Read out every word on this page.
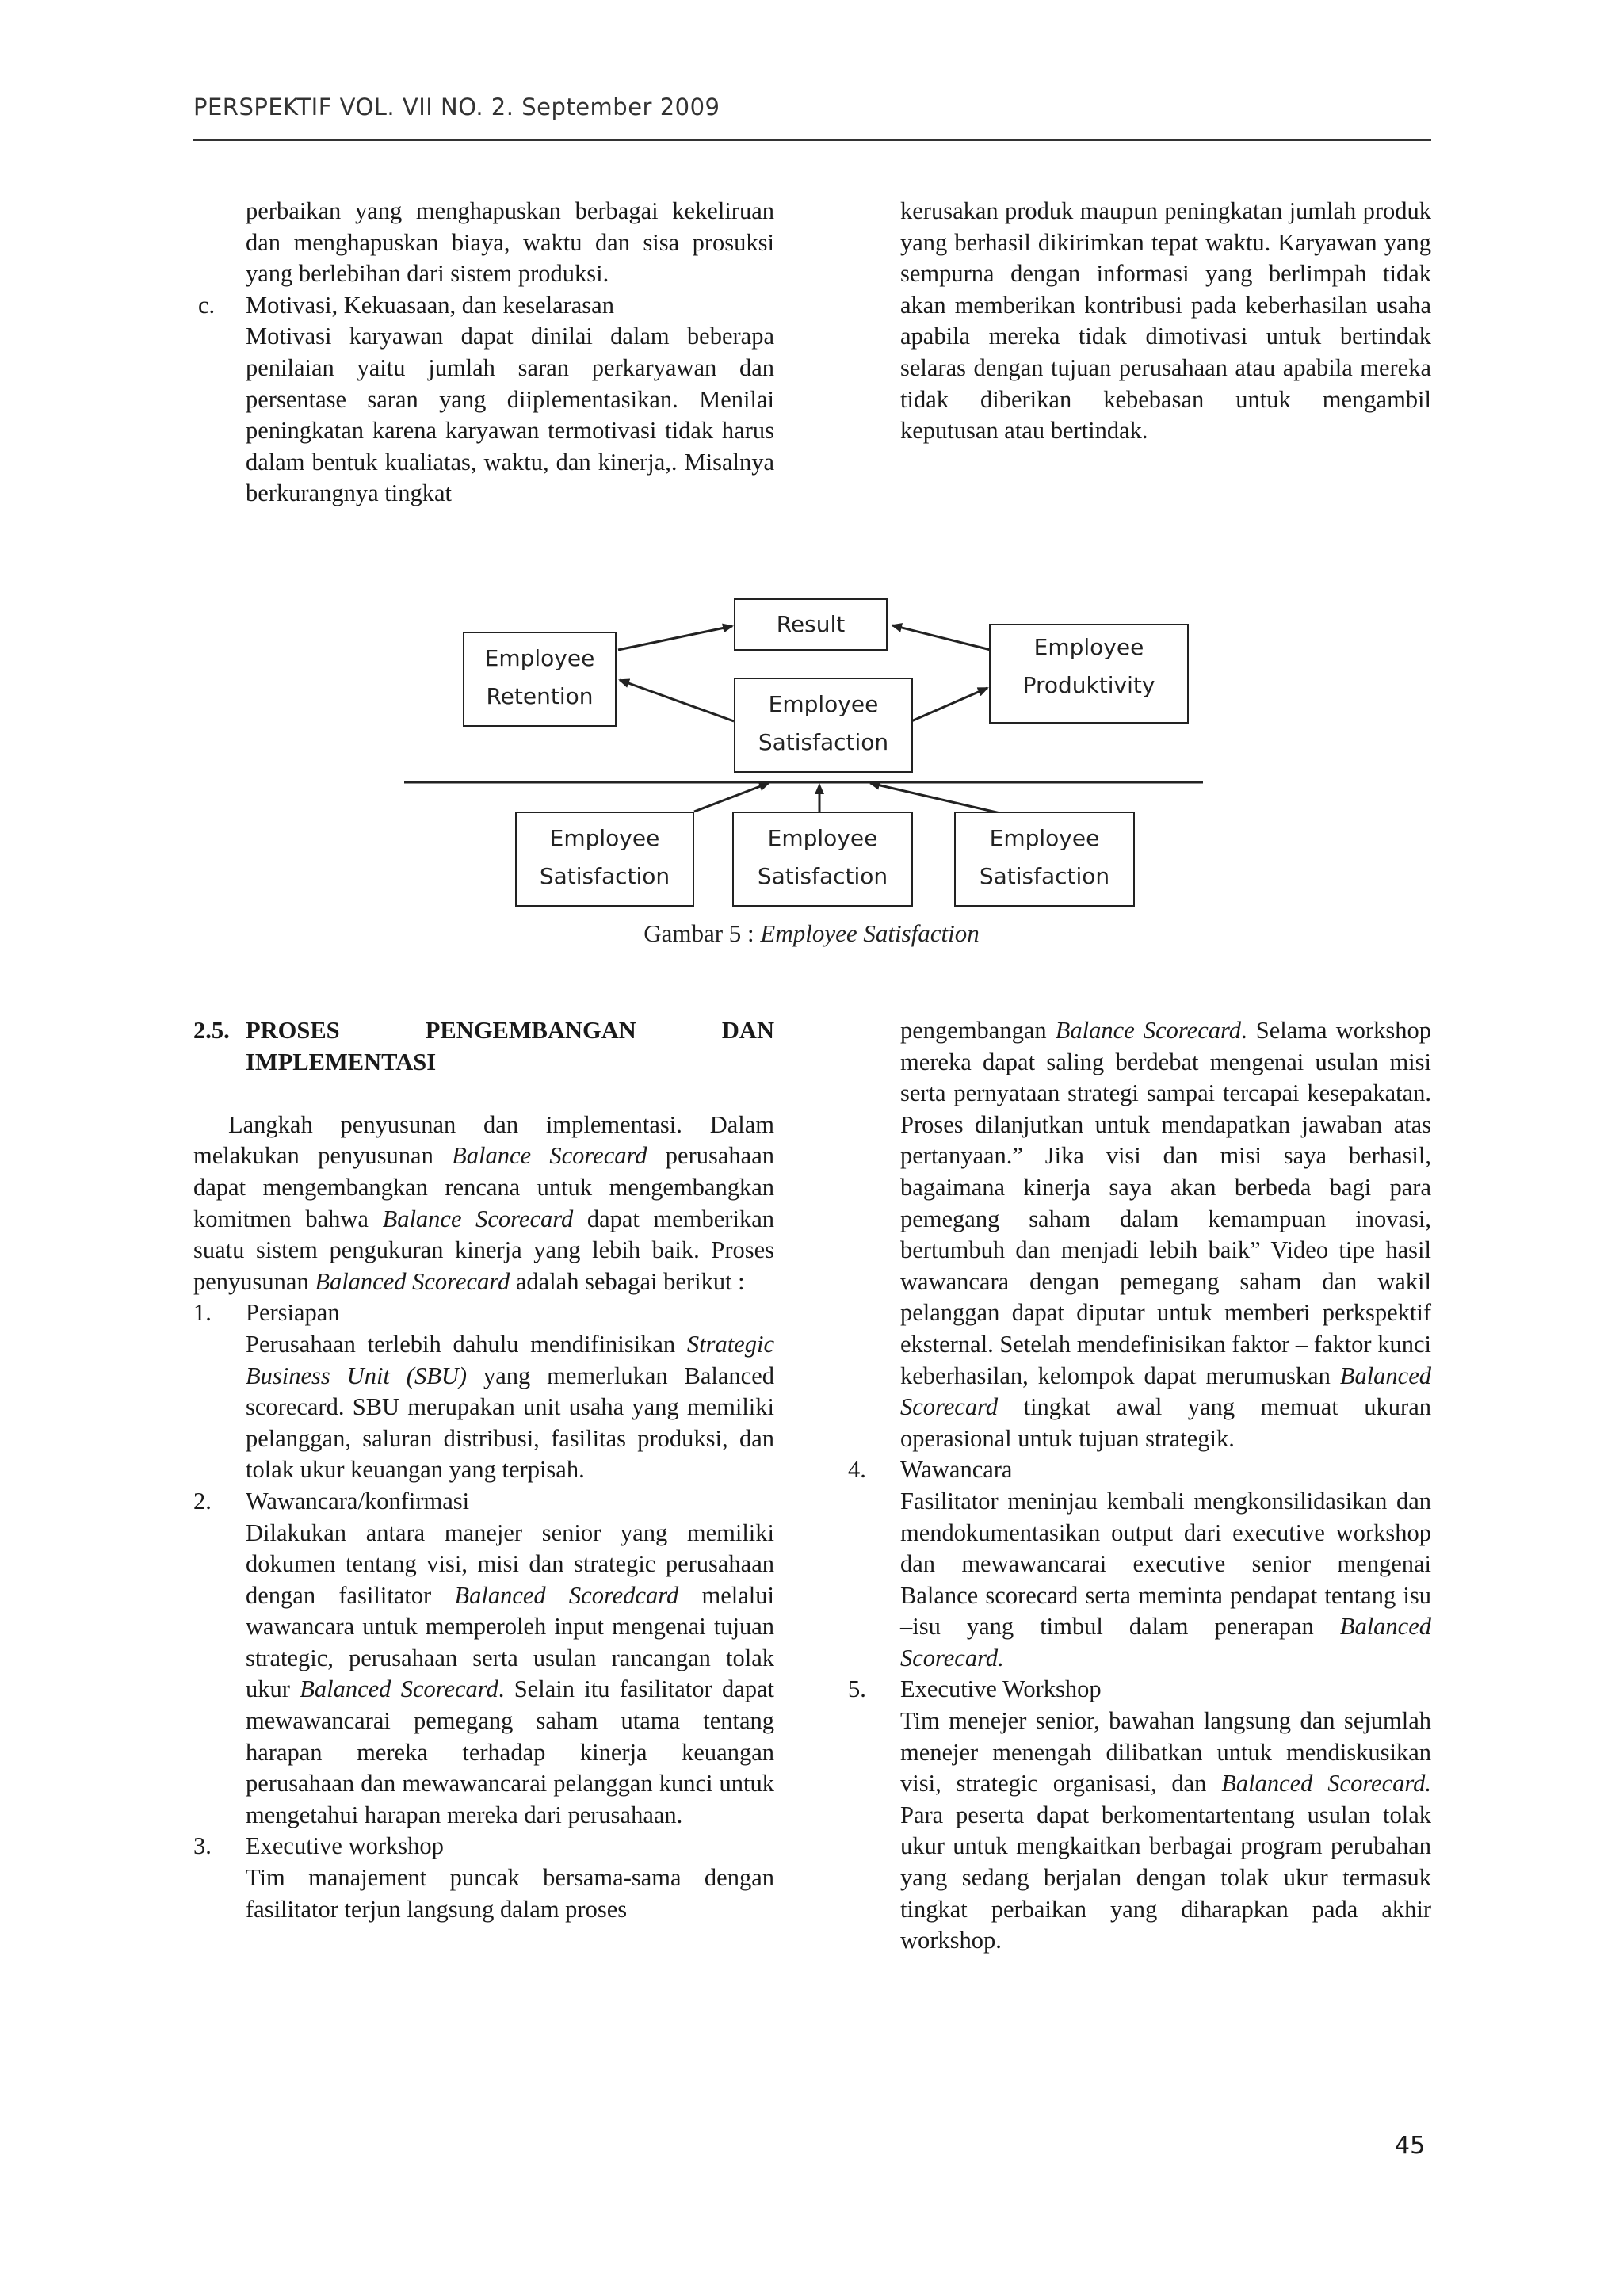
PERSPEKTIF VOL. VII NO. 2. September 2009

perbaikan yang menghapuskan berbagai kekeliruan dan menghapuskan biaya, waktu dan sisa prosuksi yang berlebihan dari sistem produksi.

c. Motivasi, Kekuasaan, dan keselarasan

Motivasi karyawan dapat dinilai dalam beberapa penilaian yaitu jumlah saran perkaryawan dan persentase saran yang diiplementasikan. Menilai peningkatan karena karyawan termotivasi tidak harus dalam bentuk kualiatas, waktu, dan kinerja,. Misalnya berkurangnya tingkat

kerusakan produk maupun peningkatan jumlah produk yang berhasil dikirimkan tepat waktu. Karyawan yang sempurna dengan informasi yang berlimpah tidak akan memberikan kontribusi pada keberhasilan usaha apabila mereka tidak dimotivasi untuk bertindak selaras dengan tujuan perusahaan atau apabila mereka tidak diberikan kebebasan untuk mengambil keputusan atau bertindak.

Result
Employee
Retention	Employee
Satisfaction
Employee
Produktivity
Employee
Satisfaction
Employee
Satisfaction
Employee
Satisfaction
Gambar 5 : Employee Satisfaction
2.5. PROSES	PENGEMBANGAN	DAN

IMPLEMENTASI

Langkah penyusunan dan implementasi. Dalam melakukan penyusunan Balance Scorecard perusahaan dapat mengembangkan rencana untuk mengembangkan komitmen bahwa Balance Scorecard dapat memberikan suatu sistem pengukuran kinerja yang lebih baik. Proses penyusunan Balanced Scorecard adalah sebagai berikut :

1. Persiapan

Perusahaan terlebih dahulu mendifinisikan Strategic Business Unit (SBU) yang memerlukan Balanced scorecard. SBU merupakan unit usaha yang memiliki pelanggan, saluran distribusi, fasilitas produksi, dan tolak ukur keuangan yang terpisah.

2. Wawancara/konfirmasi

Dilakukan antara manejer senior yang memiliki dokumen tentang visi, misi dan strategic perusahaan dengan fasilitator Balanced Scoredcard melalui wawancara untuk memperoleh input mengenai tujuan strategic, perusahaan serta usulan rancangan tolak ukur Balanced Scorecard. Selain itu fasilitator dapat mewawancarai pemegang saham utama tentang harapan mereka terhadap kinerja keuangan perusahaan dan mewawancarai pelanggan kunci untuk mengetahui harapan mereka dari perusahaan.

3. Executive workshop

Tim manajement puncak bersama-sama dengan fasilitator terjun langsung dalam proses

pengembangan Balance Scorecard. Selama workshop mereka dapat saling berdebat mengenai usulan misi serta pernyataan strategi sampai tercapai kesepakatan. Proses dilanjutkan untuk mendapatkan jawaban atas pertanyaan.” Jika visi dan misi saya berhasil, bagaimana kinerja saya akan berbeda bagi para pemegang saham dalam kemampuan inovasi, bertumbuh dan menjadi lebih baik” Video tipe hasil wawancara dengan pemegang saham dan wakil pelanggan dapat diputar untuk memberi perkspektif eksternal. Setelah mendefinisikan faktor – faktor kunci keberhasilan, kelompok dapat merumuskan Balanced Scorecard tingkat awal yang memuat ukuran operasional untuk tujuan strategik.

4. Wawancara

Fasilitator meninjau kembali mengkonsilidasikan dan mendokumentasikan output dari executive workshop dan mewawancarai executive senior mengenai Balance scorecard serta meminta pendapat tentang isu –isu yang timbul dalam penerapan Balanced Scorecard.

5. Executive Workshop

Tim menejer senior, bawahan langsung dan sejumlah menejer menengah dilibatkan untuk mendiskusikan visi, strategic organisasi, dan Balanced Scorecard. Para peserta dapat berkomentartentang usulan tolak ukur untuk mengkaitkan berbagai program perubahan yang sedang berjalan dengan tolak ukur termasuk tingkat perbaikan yang diharapkan pada akhir workshop.

45
